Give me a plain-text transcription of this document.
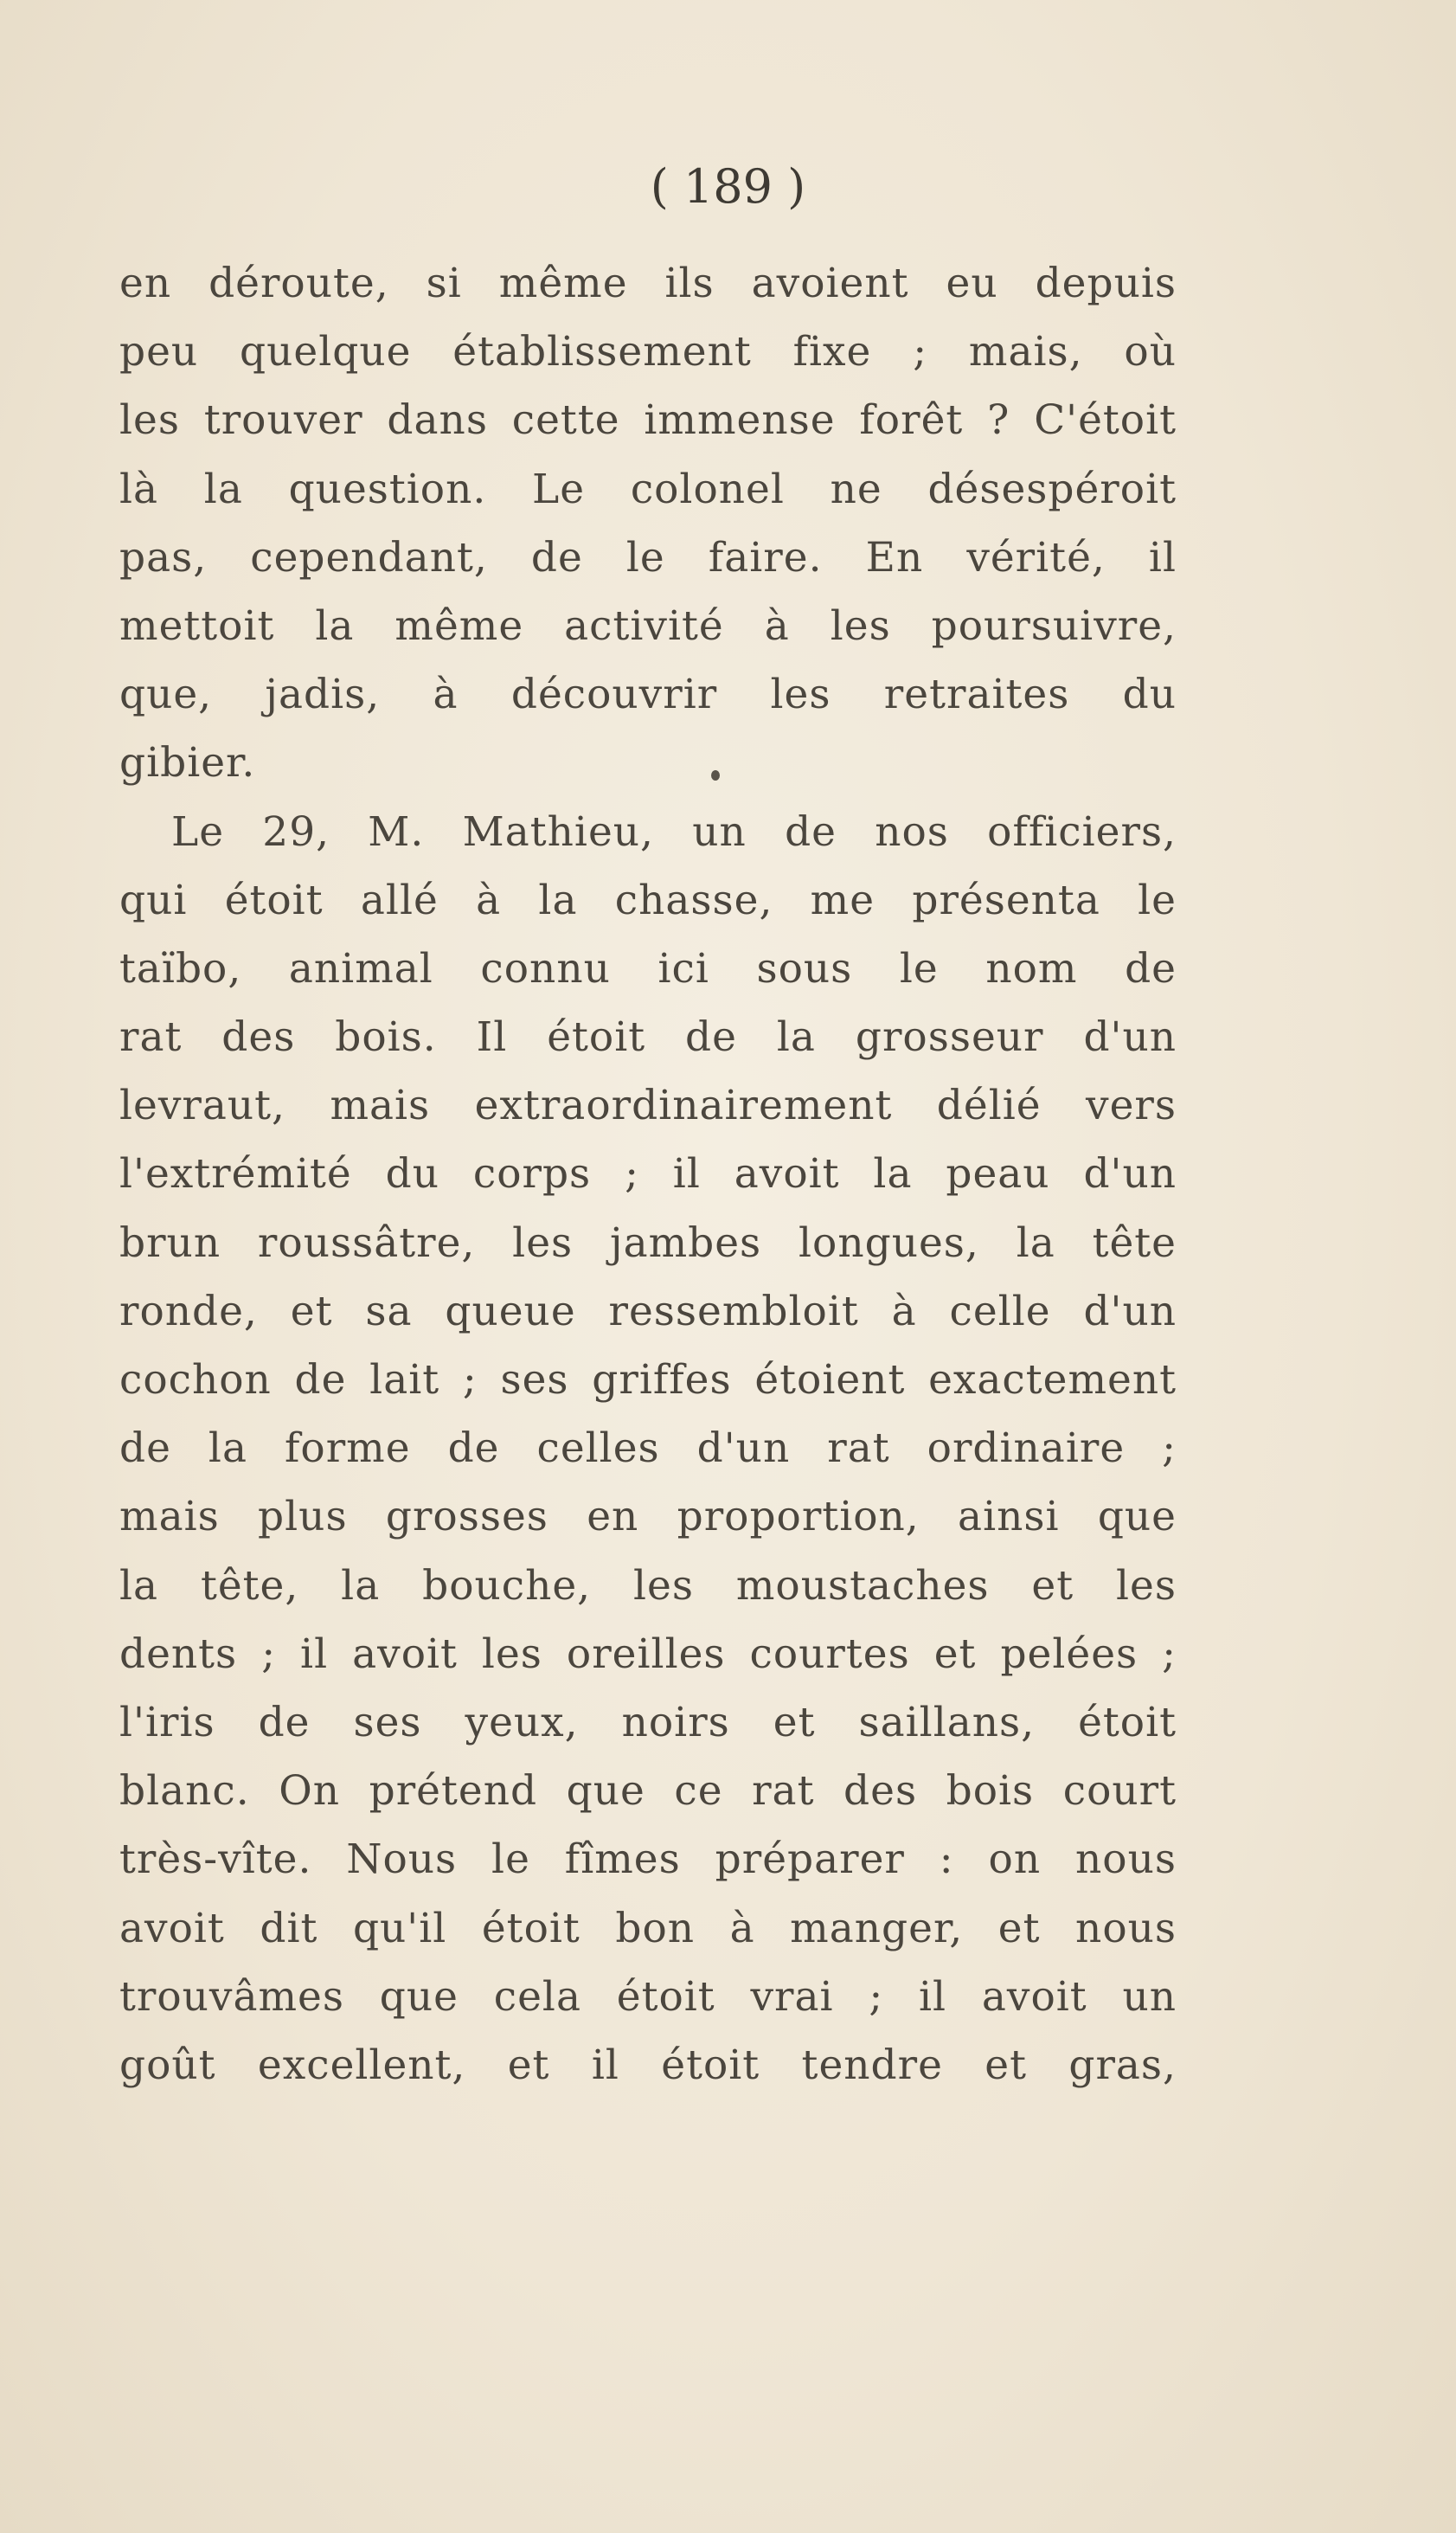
( 189 )
en déroute, si même ils avoient eu depuis
peu quelque établissement fixe ; mais, où
les trouver dans cette immense forêt ? C'étoit
là la question. Le colonel ne désespéroit
pas, cependant, de le faire. En vérité, il
mettoit la même activité à les poursuivre,
que, jadis, à découvrir les retraites du
gibier.
Le 29, M. Mathieu, un de nos officiers,
qui étoit allé à la chasse, me présenta le
taïbo, animal connu ici sous le nom de
rat des bois. Il étoit de la grosseur d'un
levraut, mais extraordinairement délié vers
l'extrémité du corps ; il avoit la peau d'un
brun roussâtre, les jambes longues, la tête
ronde, et sa queue ressembloit à celle d'un
cochon de lait ; ses griffes étoient exactement
de la forme de celles d'un rat ordinaire ;
mais plus grosses en proportion, ainsi que
la tête, la bouche, les moustaches et les
dents ; il avoit les oreilles courtes et pelées ;
l'iris de ses yeux, noirs et saillans, étoit
blanc. On prétend que ce rat des bois court
très-vîte. Nous le fîmes préparer : on nous
avoit dit qu'il étoit bon à manger, et nous
trouvâmes que cela étoit vrai ; il avoit un
goût excellent, et il étoit tendre et gras,
